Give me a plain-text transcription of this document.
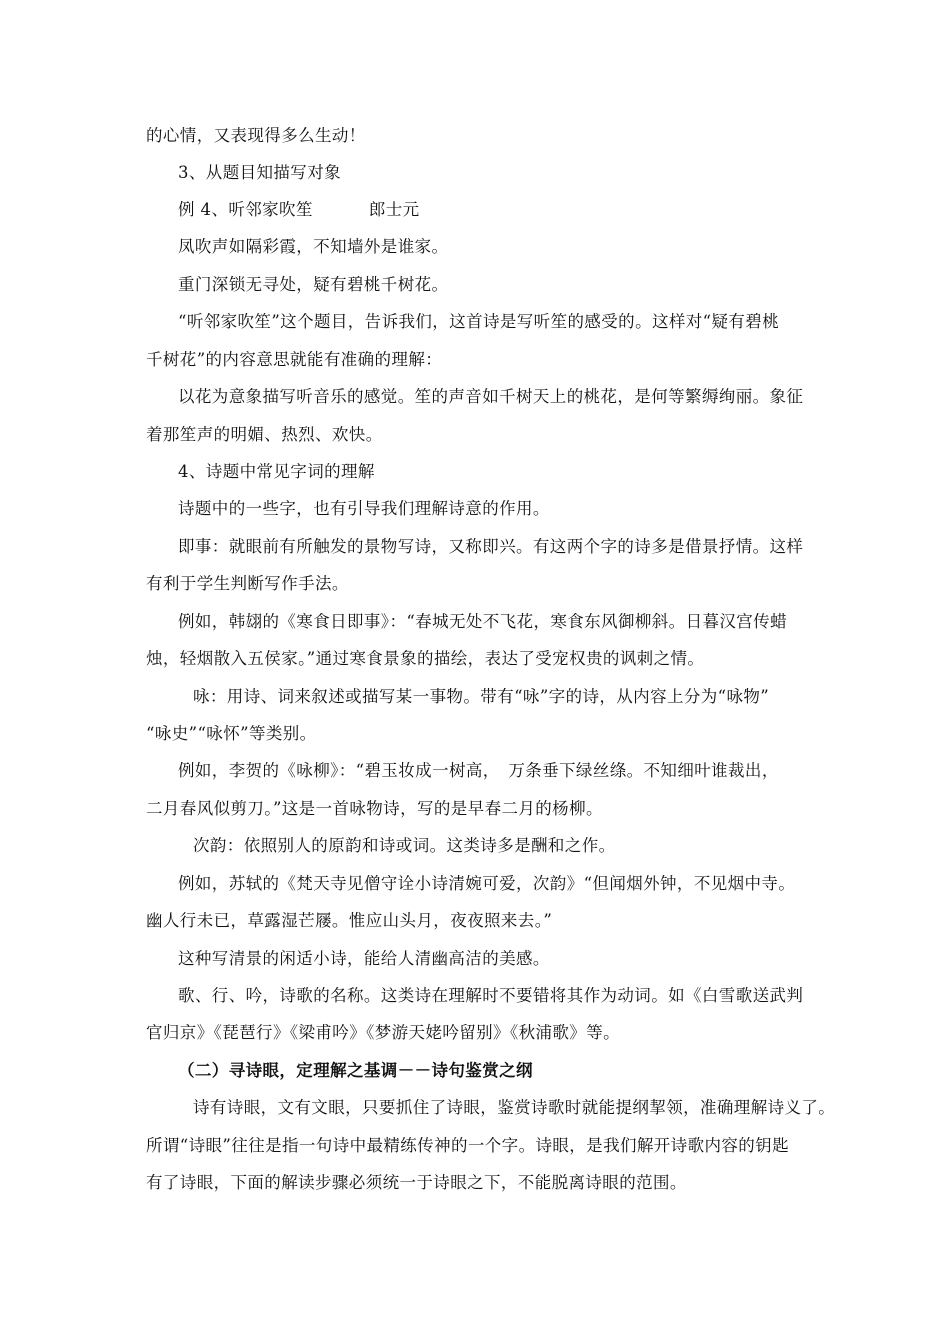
的心情，又表现得多么生动！
3、从题目知描写对象
例 4、听邻家吹笙	郎士元
凤吹声如隔彩霞，不知墙外是谁家。
重门深锁无寻处，疑有碧桃千树花。
“听邻家吹笙”这个题目，告诉我们，这首诗是写听笙的感受的。这样对“疑有碧桃
千树花”的内容意思就能有准确的理解：
以花为意象描写听音乐的感觉。笙的声音如千树天上的桃花，是何等繁缛绚丽。象征
着那笙声的明媚、热烈、欢快。
4、诗题中常见字词的理解
诗题中的一些字，也有引导我们理解诗意的作用。
即事：就眼前有所触发的景物写诗，又称即兴。有这两个字的诗多是借景抒情。这样
有利于学生判断写作手法。
例如，韩翃的《寒食日即事》：“春城无处不飞花，寒食东风御柳斜。日暮汉宫传蜡
烛，轻烟散入五侯家。”通过寒食景象的描绘，表达了受宠权贵的讽刺之情。
咏：用诗、词来叙述或描写某一事物。带有“咏”字的诗，从内容上分为“咏物”
“咏史”“咏怀”等类别。
例如，李贺的《咏柳》：“碧玉妆成一树高，　万条垂下绿丝绦。不知细叶谁裁出，
二月春风似剪刀。”这是一首咏物诗，写的是早春二月的杨柳。
次韵：依照别人的原韵和诗或词。这类诗多是酬和之作。
例如，苏轼的《梵天寺见僧守诠小诗清婉可爱，次韵》“但闻烟外钟，不见烟中寺。
幽人行未已，草露湿芒屦。惟应山头月，夜夜照来去。”
这种写清景的闲适小诗，能给人清幽高洁的美感。
歌、行、吟，诗歌的名称。这类诗在理解时不要错将其作为动词。如《白雪歌送武判
官归京》《琵琶行》《梁甫吟》《梦游天姥吟留别》《秋浦歌》等。
（二）寻诗眼，定理解之基调－－诗句鉴赏之纲
诗有诗眼，文有文眼，只要抓住了诗眼，鉴赏诗歌时就能提纲挈领，准确理解诗义了。
所谓“诗眼”往往是指一句诗中最精练传神的一个字。诗眼，是我们解开诗歌内容的钥匙
有了诗眼，下面的解读步骤必须统一于诗眼之下，不能脱离诗眼的范围。
